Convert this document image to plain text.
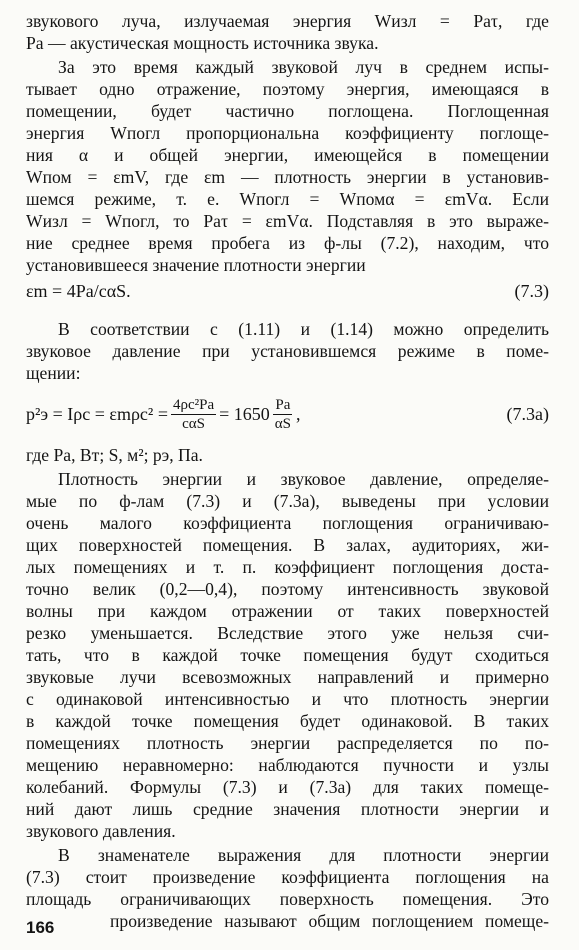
звукового луча, излучаемая энергия Wизл = Paτ, где
Pa — акустическая мощность источника звука.
За это время каждый звуковой луч в среднем испы-
тывает одно отражение, поэтому энергия, имеющаяся в
помещении, будет частично поглощена. Поглощенная
энергия Wпогл пропорциональна коэффициенту поглоще-
ния α и общей энергии, имеющейся в помещении
Wпом = εmV, где εm — плотность энергии в установив-
шемся режиме, т. е. Wпогл = Wпомα = εmVα. Если
Wизл = Wпогл, то Paτ = εmVα. Подставляя в это выраже-
ние среднее время пробега из ф-лы (7.2), находим, что
установившееся значение плотности энергии
εm = 4Pa/cαS.	(7.3)
В соответствии с (1.11) и (1.14) можно определить
звуковое давление при установившемся режиме в поме-
щении:
$p^2э = I\rho c = \varepsilon m\rho c^2 = \frac{\text{4ρc²Pa}}{\text{cαS}} = 1650 \frac{Pa}{\alpha S}$ ,	(7.3а)
где Pa, Вт; S, м²; pэ, Па.
Плотность энергии и звуковое давление, определяе-
мые по ф-лам (7.3) и (7.3а), выведены при условии
очень малого коэффициента поглощения ограничиваю-
щих поверхностей помещения. В залах, аудиториях, жи-
лых помещениях и т. п. коэффициент поглощения доста-
точно велик (0,2—0,4), поэтому интенсивность звуковой
волны при каждом отражении от таких поверхностей
резко уменьшается. Вследствие этого уже нельзя счи-
тать, что в каждой точке помещения будут сходиться
звуковые лучи всевозможных направлений и примерно
с одинаковой интенсивностью и что плотность энергии
в каждой точке помещения будет одинаковой. В таких
помещениях плотность энергии распределяется по по-
мещению неравномерно: наблюдаются пучности и узлы
колебаний. Формулы (7.3) и (7.3а) для таких помеще-
ний дают лишь средние значения плотности энергии и
звукового давления.
В знаменателе выражения для плотности энергии
(7.3) стоит произведение коэффициента поглощения на
площадь ограничивающих поверхность помещения. Это
произведение называют общим поглощением помеще-
166
